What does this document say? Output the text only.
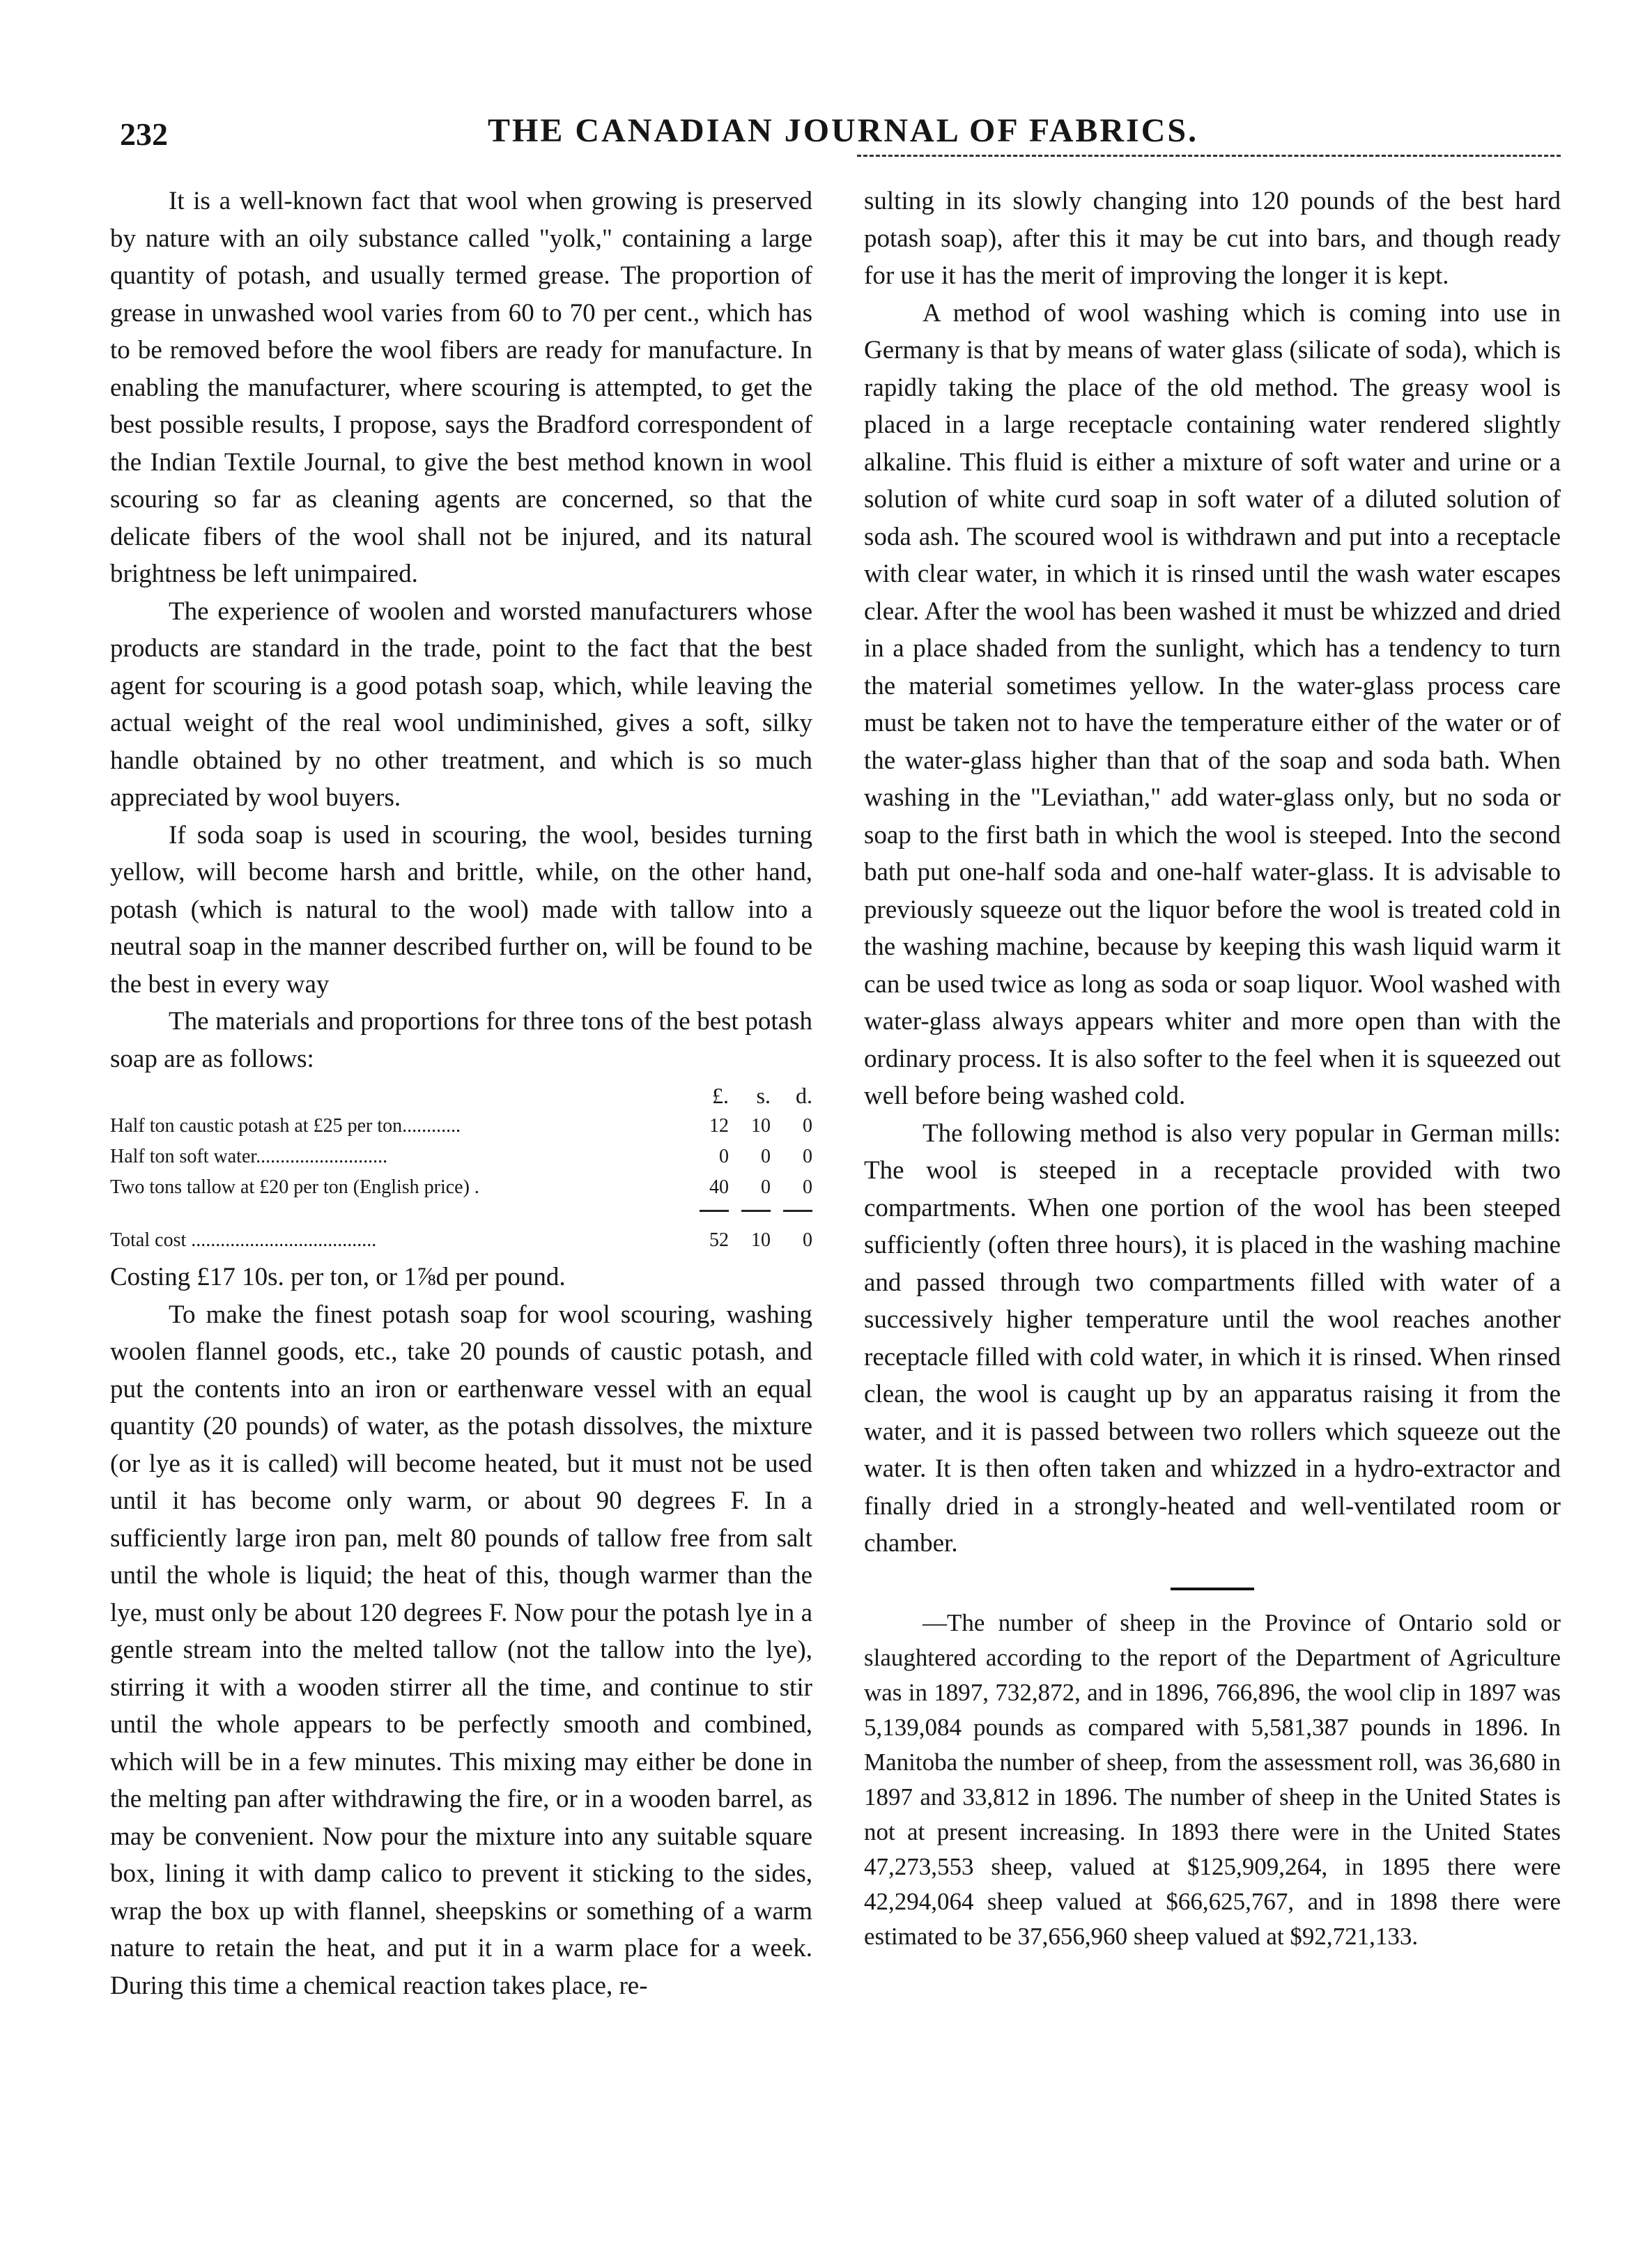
232	THE CANADIAN JOURNAL OF FABRICS.

It is a well-known fact that wool when growing is preserved by nature with an oily substance called "yolk," containing a large quantity of potash, and usually termed grease. The proportion of grease in unwashed wool varies from 60 to 70 per cent., which has to be removed before the wool fibers are ready for manufacture. In enabling the manufacturer, where scouring is attempted, to get the best possible results, I propose, says the Bradford correspondent of the Indian Textile Journal, to give the best method known in wool scouring so far as cleaning agents are concerned, so that the delicate fibers of the wool shall not be injured, and its natural brightness be left unimpaired.

The experience of woolen and worsted manufacturers whose products are standard in the trade, point to the fact that the best agent for scouring is a good potash soap, which, while leaving the actual weight of the real wool undiminished, gives a soft, silky handle obtained by no other treatment, and which is so much appreciated by wool buyers.

If soda soap is used in scouring, the wool, besides turning yellow, will become harsh and brittle, while, on the other hand, potash (which is natural to the wool) made with tallow into a neutral soap in the manner described further on, will be found to be the best in every way

The materials and proportions for three tons of the best potash soap are as follows:

£.	s.	d.
Half ton caustic potash at £25 per ton............	12	10	0
Half ton soft water...........................	0	0	0
Two tons tallow at £20 per ton (English price) .	40	0	0
Total cost ......................................	52	10	0

Costing £17 10s. per ton, or 1⅞d per pound.

To make the finest potash soap for wool scouring, washing woolen flannel goods, etc., take 20 pounds of caustic potash, and put the contents into an iron or earthenware vessel with an equal quantity (20 pounds) of water, as the potash dissolves, the mixture (or lye as it is called) will become heated, but it must not be used until it has become only warm, or about 90 degrees F. In a sufficiently large iron pan, melt 80 pounds of tallow free from salt until the whole is liquid; the heat of this, though warmer than the lye, must only be about 120 degrees F. Now pour the potash lye in a gentle stream into the melted tallow (not the tallow into the lye), stirring it with a wooden stirrer all the time, and continue to stir until the whole appears to be perfectly smooth and combined, which will be in a few minutes. This mixing may either be done in the melting pan after withdrawing the fire, or in a wooden barrel, as may be convenient. Now pour the mixture into any suitable square box, lining it with damp calico to prevent it sticking to the sides, wrap the box up with flannel, sheepskins or something of a warm nature to retain the heat, and put it in a warm place for a week. During this time a chemical reaction takes place, re-

sulting in its slowly changing into 120 pounds of the best hard potash soap), after this it may be cut into bars, and though ready for use it has the merit of improving the longer it is kept.

A method of wool washing which is coming into use in Germany is that by means of water glass (silicate of soda), which is rapidly taking the place of the old method. The greasy wool is placed in a large receptacle containing water rendered slightly alkaline. This fluid is either a mixture of soft water and urine or a solution of white curd soap in soft water of a diluted solution of soda ash. The scoured wool is withdrawn and put into a receptacle with clear water, in which it is rinsed until the wash water escapes clear. After the wool has been washed it must be whizzed and dried in a place shaded from the sunlight, which has a tendency to turn the material sometimes yellow. In the water-glass process care must be taken not to have the temperature either of the water or of the water-glass higher than that of the soap and soda bath. When washing in the "Leviathan," add water-glass only, but no soda or soap to the first bath in which the wool is steeped. Into the second bath put one-half soda and one-half water-glass. It is advisable to previously squeeze out the liquor before the wool is treated cold in the washing machine, because by keeping this wash liquid warm it can be used twice as long as soda or soap liquor. Wool washed with water-glass always appears whiter and more open than with the ordinary process. It is also softer to the feel when it is squeezed out well before being washed cold.

The following method is also very popular in German mills: The wool is steeped in a receptacle provided with two compartments. When one portion of the wool has been steeped sufficiently (often three hours), it is placed in the washing machine and passed through two compartments filled with water of a successively higher temperature until the wool reaches another receptacle filled with cold water, in which it is rinsed. When rinsed clean, the wool is caught up by an apparatus raising it from the water, and it is passed between two rollers which squeeze out the water. It is then often taken and whizzed in a hydro-extractor and finally dried in a strongly-heated and well-ventilated room or chamber.

—The number of sheep in the Province of Ontario sold or slaughtered according to the report of the Department of Agriculture was in 1897, 732,872, and in 1896, 766,896, the wool clip in 1897 was 5,139,084 pounds as compared with 5,581,387 pounds in 1896. In Manitoba the number of sheep, from the assessment roll, was 36,680 in 1897 and 33,812 in 1896. The number of sheep in the United States is not at present increasing. In 1893 there were in the United States 47,273,553 sheep, valued at $125,909,264, in 1895 there were 42,294,064 sheep valued at $66,625,767, and in 1898 there were estimated to be 37,656,960 sheep valued at $92,721,133.
